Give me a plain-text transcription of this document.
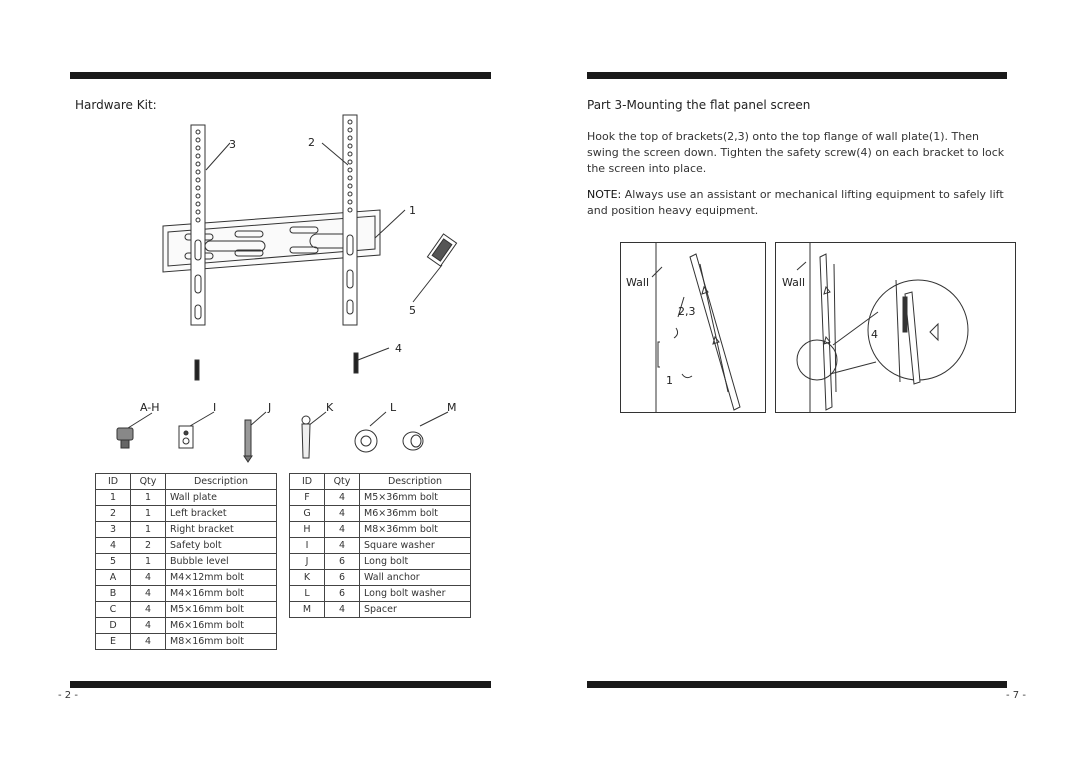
Hardware Kit:
3	2
1
5
4
A-H	I	J	K	L	M
ID	Qty	Description
1	1	Wall plate
2	1	Left bracket
3	1	Right bracket
4	2	Safety bolt
5	1	Bubble level
A	4	M4×12mm bolt
B	4	M4×16mm bolt
C	4	M5×16mm bolt
D	4	M6×16mm bolt
E	4	M8×16mm bolt
ID	Qty	Description
F	4	M5×36mm bolt
G	4	M6×36mm bolt
H	4	M8×36mm bolt
I	4	Square washer
J	6	Long bolt
K	6	Wall anchor
L	6	Long bolt washer
M	4	Spacer
Part 3-Mounting the flat panel screen
Hook the top of brackets(2,3) onto the top flange of wall plate(1). Then swing the screen down. Tighten the safety screw(4) on each bracket to lock the screen into place.
NOTE: Always use an assistant or mechanical lifting equipment to safely lift and position heavy equipment.
Wall	Wall
2,3
1
4
- 2 -	- 7 -
